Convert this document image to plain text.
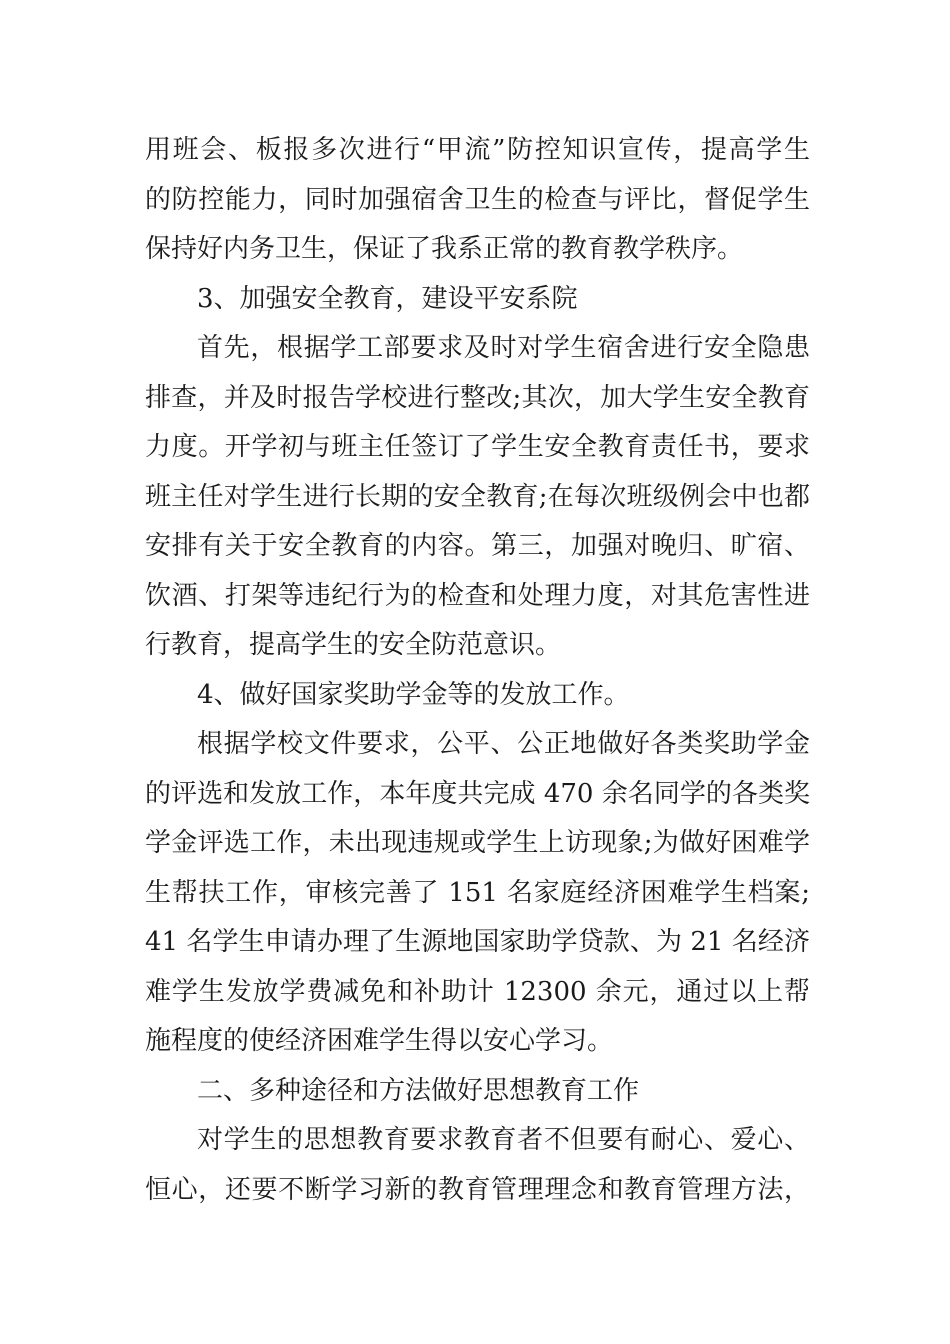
用班会、板报多次进行“甲流”防控知识宣传，提高学生
的防控能力，同时加强宿舍卫生的检查与评比，督促学生
保持好内务卫生，保证了我系正常的教育教学秩序。
3、加强安全教育，建设平安系院
首先，根据学工部要求及时对学生宿舍进行安全隐患
排查，并及时报告学校进行整改;其次，加大学生安全教育
力度。开学初与班主任签订了学生安全教育责任书，要求
班主任对学生进行长期的安全教育;在每次班级例会中也都
安排有关于安全教育的内容。第三，加强对晚归、旷宿、
饮酒、打架等违纪行为的检查和处理力度，对其危害性进
行教育，提高学生的安全防范意识。
4、做好国家奖助学金等的发放工作。
根据学校文件要求，公平、公正地做好各类奖助学金
的评选和发放工作，本年度共完成 470 余名同学的各类奖
学金评选工作，未出现违规或学生上访现象;为做好困难学
生帮扶工作，审核完善了 151 名家庭经济困难学生档案;
41 名学生申请办理了生源地国家助学贷款、为 21 名经济
难学生发放学费减免和补助计 12300 余元，通过以上帮
施程度的使经济困难学生得以安心学习。
二、多种途径和方法做好思想教育工作
对学生的思想教育要求教育者不但要有耐心、爱心、
恒心，还要不断学习新的教育管理理念和教育管理方法，
